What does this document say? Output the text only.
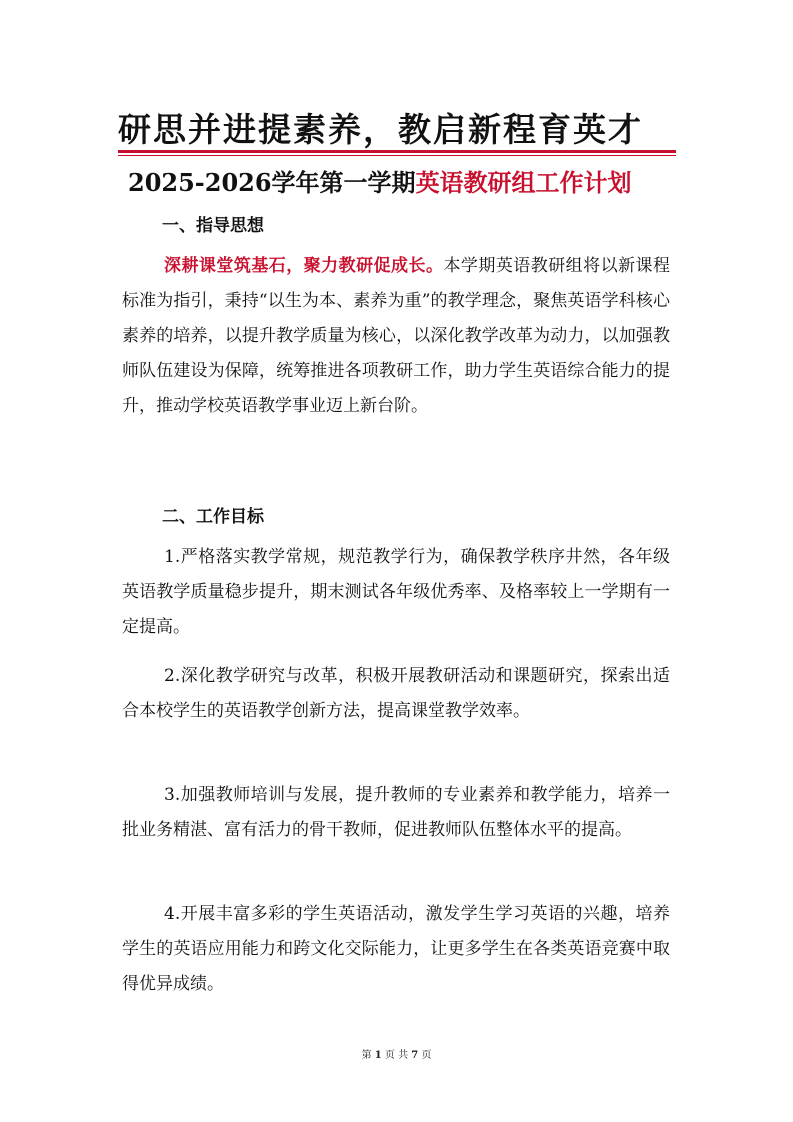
研思并进提素养，教启新程育英才
2025-2026学年第一学期英语教研组工作计划
一、指导思想
深耕课堂筑基石，聚力教研促成长。本学期英语教研组将以新课程标准为指引，秉持“以生为本、素养为重”的教学理念，聚焦英语学科核心素养的培养，以提升教学质量为核心，以深化教学改革为动力，以加强教师队伍建设为保障，统筹推进各项教研工作，助力学生英语综合能力的提升，推动学校英语教学事业迈上新台阶。
二、工作目标
1.严格落实教学常规，规范教学行为，确保教学秩序井然，各年级英语教学质量稳步提升，期末测试各年级优秀率、及格率较上一学期有一定提高。
2.深化教学研究与改革，积极开展教研活动和课题研究，探索出适合本校学生的英语教学创新方法，提高课堂教学效率。
3.加强教师培训与发展，提升教师的专业素养和教学能力，培养一批业务精湛、富有活力的骨干教师，促进教师队伍整体水平的提高。
4.开展丰富多彩的学生英语活动，激发学生学习英语的兴趣，培养学生的英语应用能力和跨文化交际能力，让更多学生在各类英语竞赛中取得优异成绩。
第 1 页 共 7 页
